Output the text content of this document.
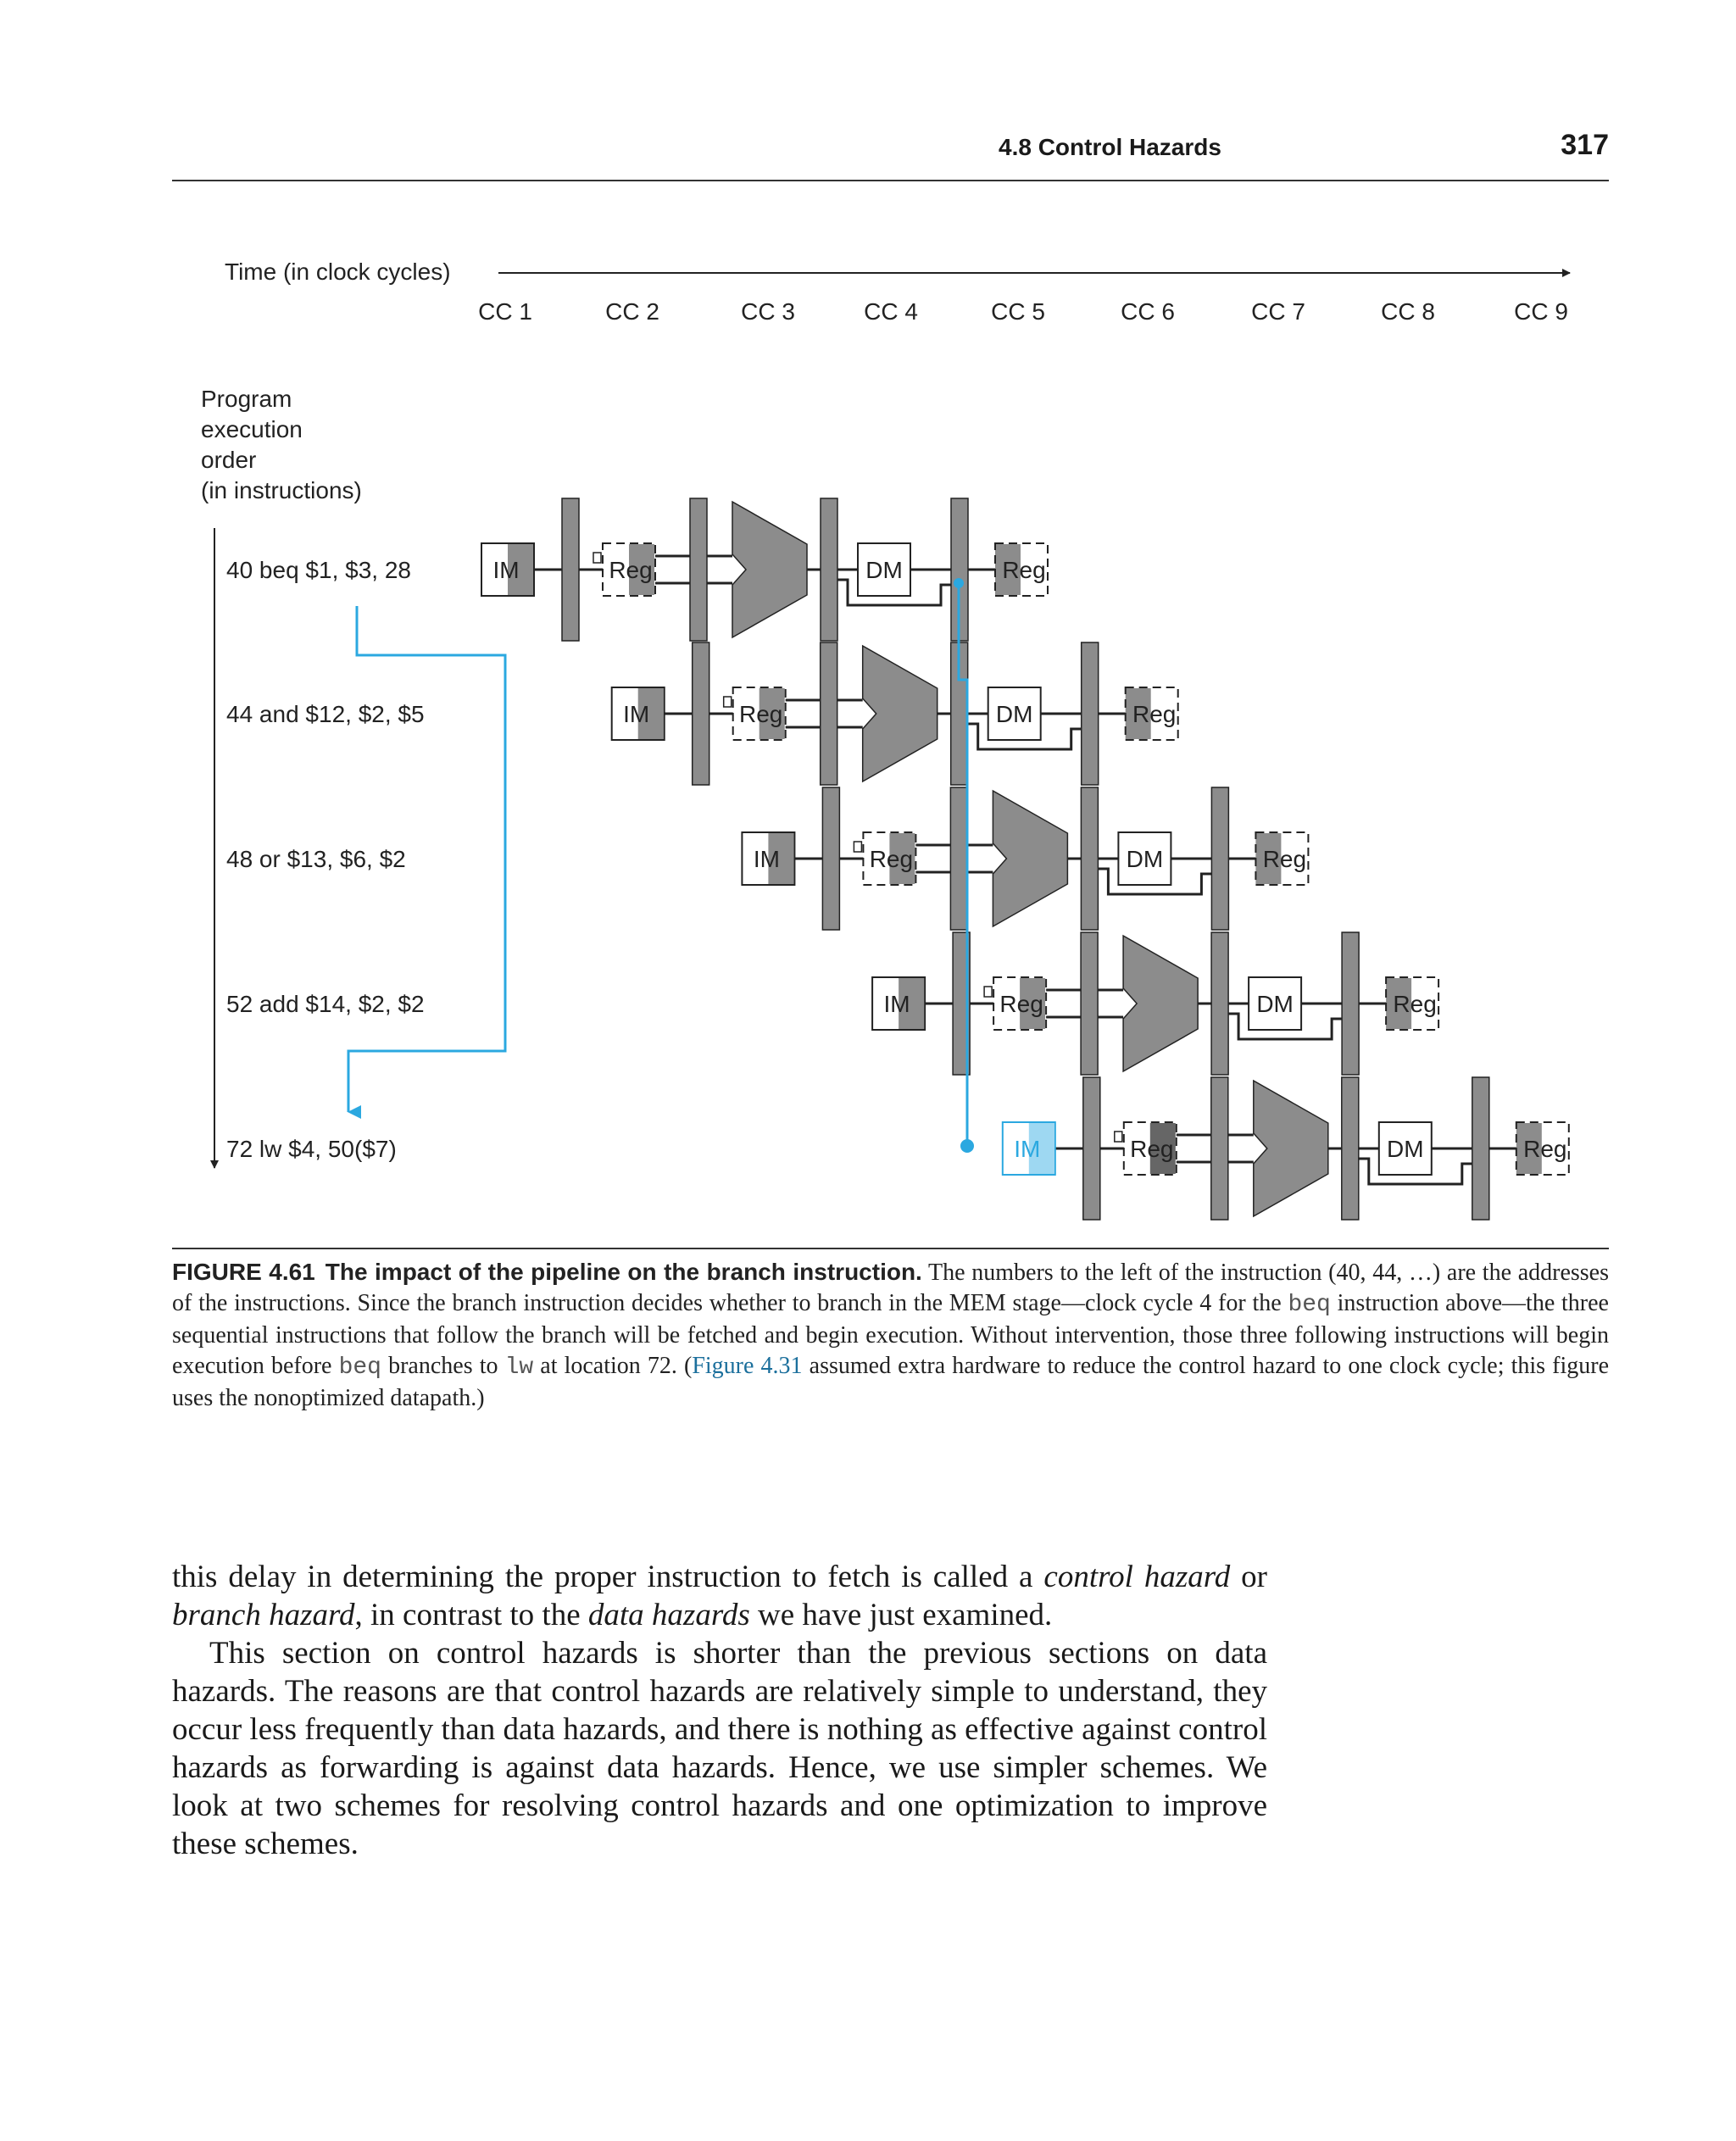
4.8 Control Hazards	317
Time (in clock cycles)
CC 1	CC 2	CC 3	CC 4	CC 5	CC 6	CC 7	CC 8	CC 9
Program
execution
order
(in instructions)
40 beq $1, $3, 28
44 and $12, $2, $5
48 or $13, $6, $2
52 add $14, $2, $2
72 lw $4, 50($7)
IM	Reg	DM	Reg
IM	Reg	DM	Reg
IM	Reg	DM	Reg
IM	Reg	DM	Reg
IM	Reg	DM	Reg
FIGURE 4.61 The impact of the pipeline on the branch instruction. The numbers to the left of the instruction (40, 44, …) are the addresses of the instructions. Since the branch instruction decides whether to branch in the MEM stage—clock cycle 4 for the beq instruction above—the three sequential instructions that follow the branch will be fetched and begin execution. Without intervention, those three following instructions will begin execution before beq branches to lw at location 72. (Figure 4.31 assumed extra hardware to reduce the control hazard to one clock cycle; this figure uses the nonoptimized datapath.)

this delay in determining the proper instruction to fetch is called a control hazard or branch hazard, in contrast to the data hazards we have just examined.

This section on control hazards is shorter than the previous sections on data hazards. The reasons are that control hazards are relatively simple to understand, they occur less frequently than data hazards, and there is nothing as effective against control hazards as forwarding is against data hazards. Hence, we use simpler schemes. We look at two schemes for resolving control hazards and one optimization to improve these schemes.
